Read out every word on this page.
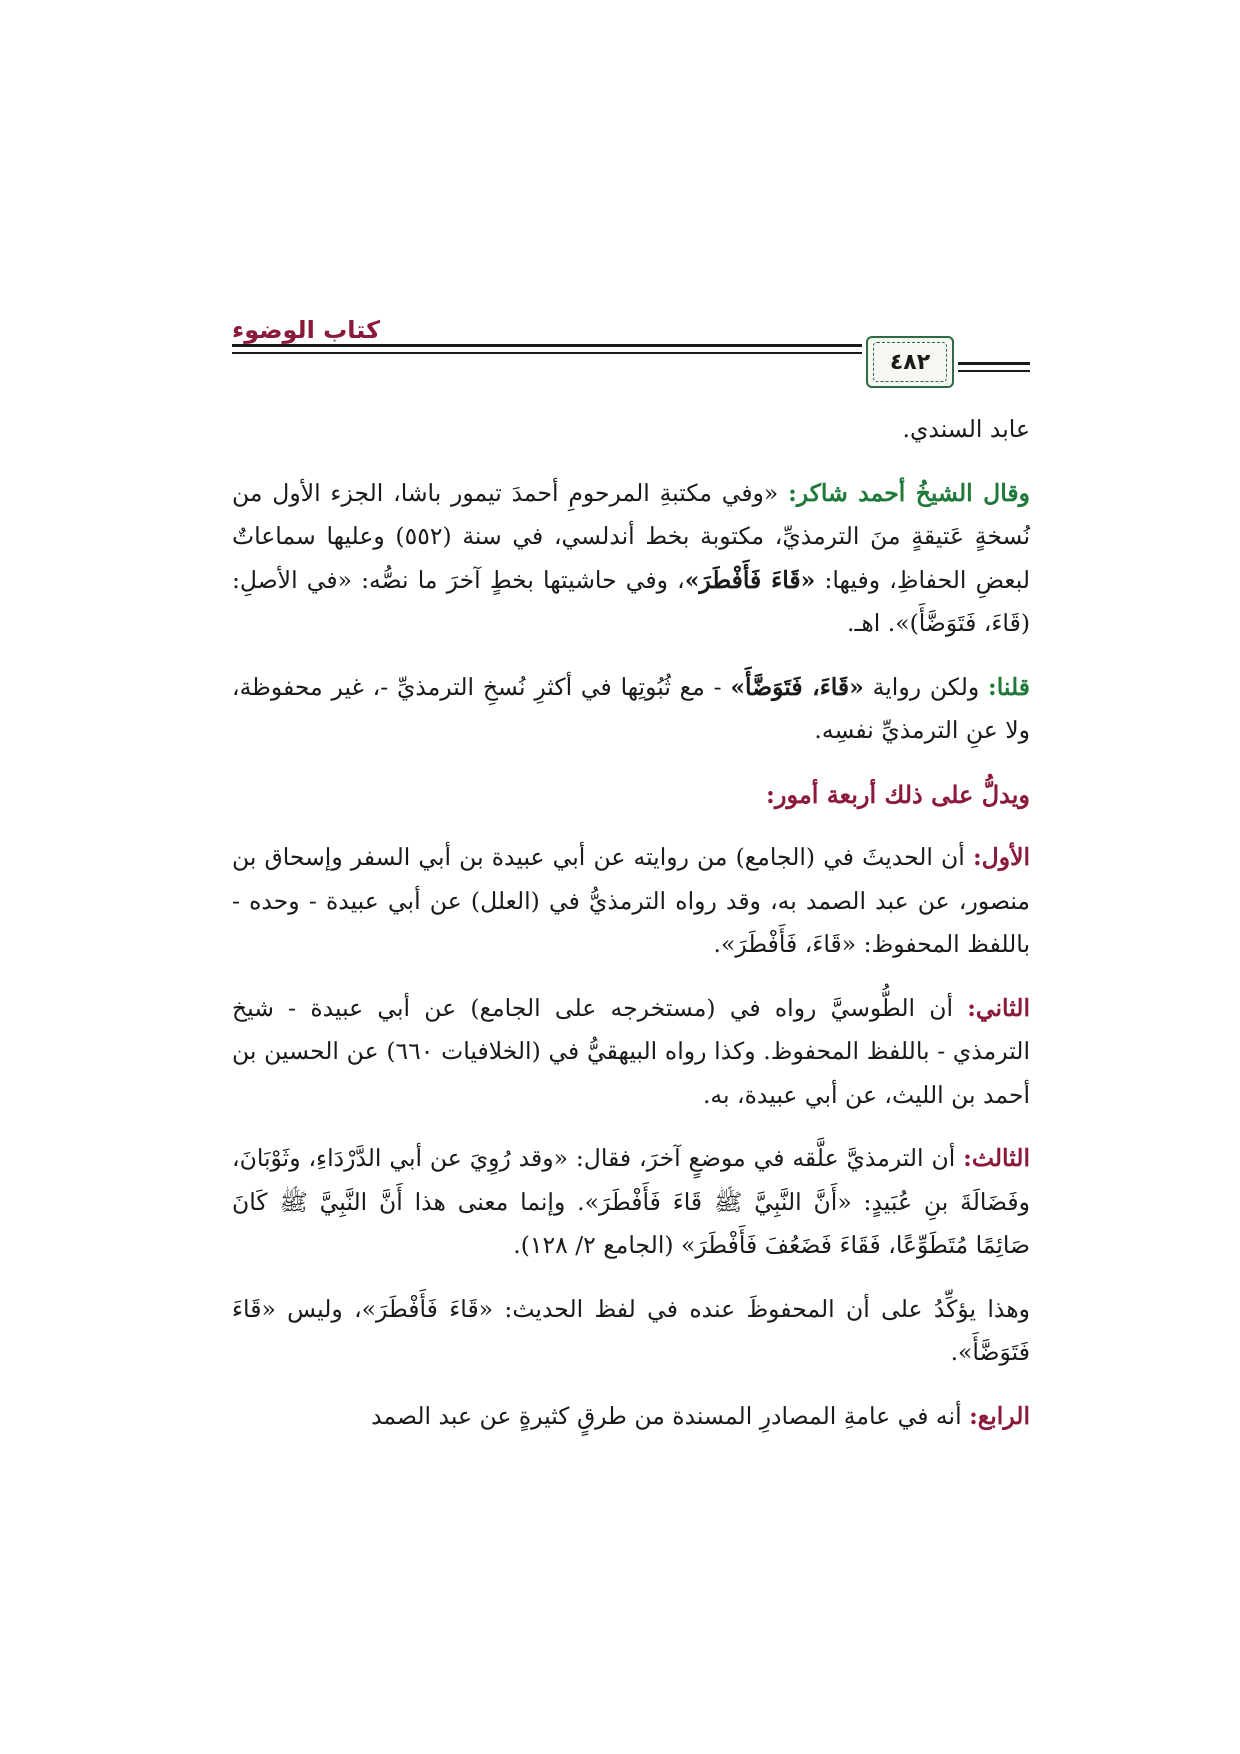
كتاب الوضوء
٤٨٢

عابد السندي.

وقال الشيخُ أحمد شاكر: «وفي مكتبةِ المرحومِ أحمدَ تيمور باشا، الجزء الأول من نُسخةٍ عَتيقةٍ منَ الترمذيِّ، مكتوبة بخط أندلسي، في سنة (٥٥٢) وعليها سماعاتٌ لبعضِ الحفاظِ، وفيها: «قَاءَ فَأَفْطَرَ»، وفي حاشيتها بخطٍ آخرَ ما نصُّه: «في الأصلِ: (قَاءَ، فَتَوَضَّأَ)». اهـ.

قلنا: ولكن رواية «قَاءَ، فَتَوَضَّأَ» - مع ثُبُوتِها في أكثرِ نُسخِ الترمذيِّ -، غير محفوظة، ولا عنِ الترمذيِّ نفسِه.

ويدلُّ على ذلك أربعة أمور:

الأول: أن الحديثَ في (الجامع) من روايته عن أبي عبيدة بن أبي السفر وإسحاق بن منصور، عن عبد الصمد به، وقد رواه الترمذيُّ في (العلل) عن أبي عبيدة - وحده - باللفظ المحفوظ: «قَاءَ، فَأَفْطَرَ».

الثاني: أن الطُّوسيَّ رواه في (مستخرجه على الجامع) عن أبي عبيدة - شيخ الترمذي - باللفظ المحفوظ. وكذا رواه البيهقيُّ في (الخلافيات ٦٦٠) عن الحسين بن أحمد بن الليث، عن أبي عبيدة، به.

الثالث: أن الترمذيَّ علَّقه في موضعٍ آخرَ، فقال: «وقد رُوِيَ عن أبي الدَّرْدَاءِ، وثَوْبَانَ، وفَضَالَةَ بنِ عُبَيدٍ: «أَنَّ النَّبِيَّ ﷺ قَاءَ فَأَفْطَرَ». وإنما معنى هذا أَنَّ النَّبِيَّ ﷺ كَانَ صَائِمًا مُتَطَوِّعًا، فَقَاءَ فَضَعُفَ فَأَفْطَرَ» (الجامع ٢/ ١٢٨).

وهذا يؤكِّدُ على أن المحفوظَ عنده في لفظ الحديث: «قَاءَ فَأَفْطَرَ»، وليس «قَاءَ فَتَوَضَّأَ».

الرابع: أنه في عامةِ المصادرِ المسندة من طرقٍ كثيرةٍ عن عبد الصمد
